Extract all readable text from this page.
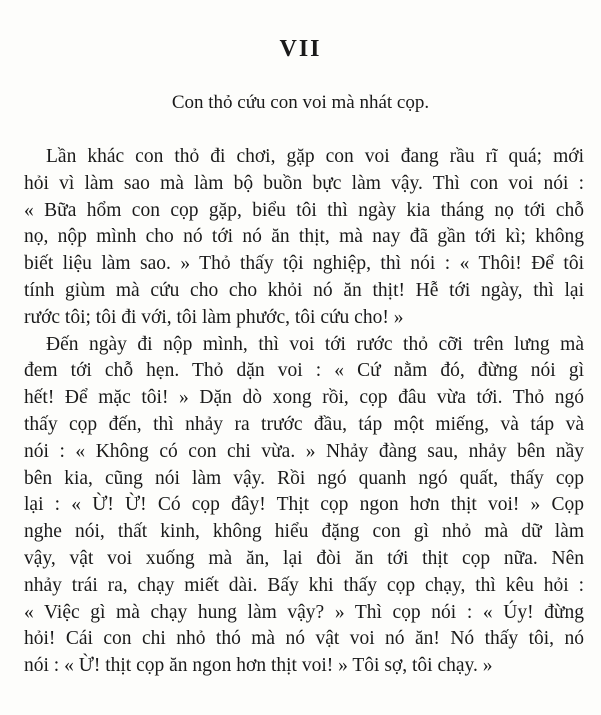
VII
Con thỏ cứu con voi mà nhát cọp.
Lần khác con thỏ đi chơi, gặp con voi đang rầu rĩ quá; mới
hỏi vì làm sao mà làm bộ buồn bực làm vậy. Thì con voi nói :
« Bữa hổm con cọp gặp, biểu tôi thì ngày kia tháng nọ tới chỗ
nọ, nộp mình cho nó tới nó ăn thịt, mà nay đã gần tới kì; không
biết liệu làm sao. » Thỏ thấy tội nghiệp, thì nói : « Thôi! Để tôi
tính giùm mà cứu cho cho khỏi nó ăn thịt! Hễ tới ngày, thì lại
rước tôi; tôi đi với, tôi làm phước, tôi cứu cho! »
Đến ngày đi nộp mình, thì voi tới rước thỏ cỡi trên lưng mà
đem tới chỗ hẹn. Thỏ dặn voi : « Cứ nằm đó, đừng nói gì
hết! Để mặc tôi! » Dặn dò xong rồi, cọp đâu vừa tới. Thỏ ngó
thấy cọp đến, thì nhảy ra trước đầu, táp một miếng, và táp và
nói : « Không có con chi vừa. » Nhảy đàng sau, nhảy bên nầy
bên kia, cũng nói làm vậy. Rồi ngó quanh ngó quất, thấy cọp
lại : « Ừ! Ừ! Có cọp đây! Thịt cọp ngon hơn thịt voi! » Cọp
nghe nói, thất kinh, không hiểu đặng con gì nhỏ mà dữ làm
vậy, vật voi xuống mà ăn, lại đòi ăn tới thịt cọp nữa. Nên
nhảy trái ra, chạy miết dài. Bấy khi thấy cọp chạy, thì kêu hỏi :
« Việc gì mà chạy hung làm vậy? » Thì cọp nói : « Úy! đừng
hỏi! Cái con chi nhỏ thó mà nó vật voi nó ăn! Nó thấy tôi, nó
nói : « Ừ! thịt cọp ăn ngon hơn thịt voi! » Tôi sợ, tôi chạy. »
